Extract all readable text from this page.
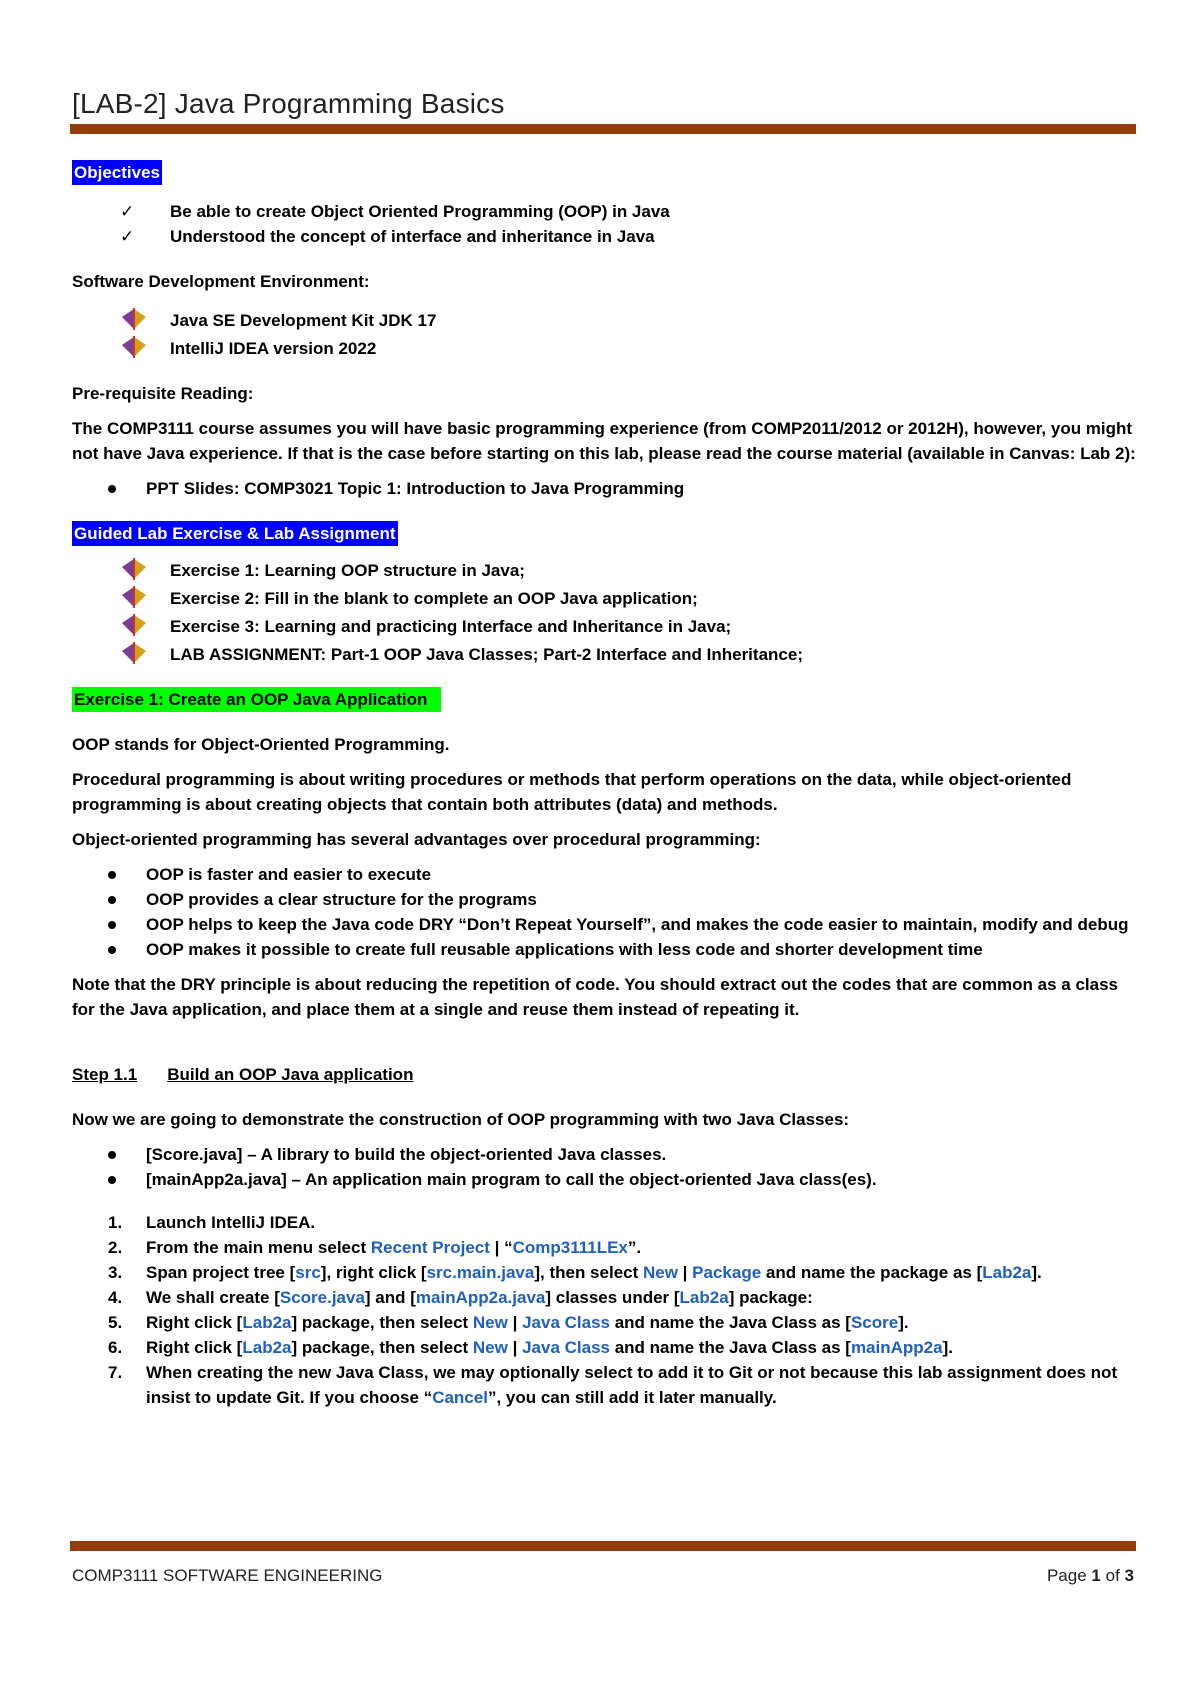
[LAB-2] Java Programming Basics

Objectives

✓ Be able to create Object Oriented Programming (OOP) in Java
✓ Understood the concept of interface and inheritance in Java

Software Development Environment:

Java SE Development Kit JDK 17
IntelliJ IDEA version 2022

Pre-requisite Reading:

The COMP3111 course assumes you will have basic programming experience (from COMP2011/2012 or 2012H), however, you might not have Java experience. If that is the case before starting on this lab, please read the course material (available in Canvas: Lab 2):

PPT Slides: COMP3021 Topic 1: Introduction to Java Programming

Guided Lab Exercise & Lab Assignment

Exercise 1: Learning OOP structure in Java;
Exercise 2: Fill in the blank to complete an OOP Java application;
Exercise 3: Learning and practicing Interface and Inheritance in Java;
LAB ASSIGNMENT: Part-1 OOP Java Classes; Part-2 Interface and Inheritance;

Exercise 1: Create an OOP Java Application

OOP stands for Object-Oriented Programming.

Procedural programming is about writing procedures or methods that perform operations on the data, while object-oriented programming is about creating objects that contain both attributes (data) and methods.

Object-oriented programming has several advantages over procedural programming:

OOP is faster and easier to execute
OOP provides a clear structure for the programs
OOP helps to keep the Java code DRY “Don’t Repeat Yourself”, and makes the code easier to maintain, modify and debug
OOP makes it possible to create full reusable applications with less code and shorter development time

Note that the DRY principle is about reducing the repetition of code. You should extract out the codes that are common as a class for the Java application, and place them at a single and reuse them instead of repeating it.

Step 1.1 Build an OOP Java application

Now we are going to demonstrate the construction of OOP programming with two Java Classes:

[Score.java] – A library to build the object-oriented Java classes.
[mainApp2a.java] – An application main program to call the object-oriented Java class(es).
1. Launch IntelliJ IDEA.
2. From the main menu select Recent Project | “Comp3111LEx”.
3. Span project tree [src], right click [src.main.java], then select New | Package and name the package as [Lab2a].
4. We shall create [Score.java] and [mainApp2a.java] classes under [Lab2a] package:
5. Right click [Lab2a] package, then select New | Java Class and name the Java Class as [Score].
6. Right click [Lab2a] package, then select New | Java Class and name the Java Class as [mainApp2a].
7. When creating the new Java Class, we may optionally select to add it to Git or not because this lab assignment does not insist to update Git. If you choose “Cancel”, you can still add it later manually.
COMP3111 SOFTWARE ENGINEERING	Page 1 of 3
